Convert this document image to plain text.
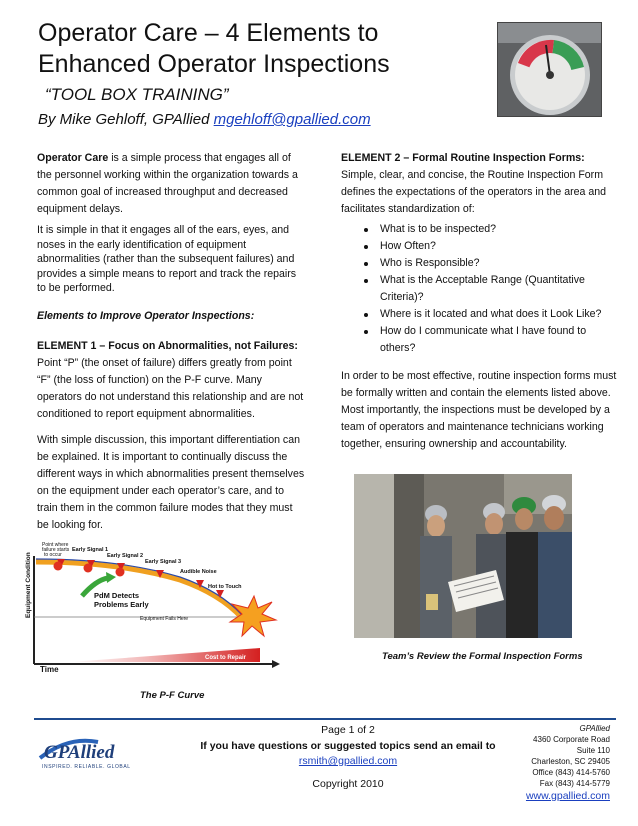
Operator Care – 4 Elements to
Enhanced Operator Inspections
“TOOL BOX TRAINING”
By Mike Gehloff, GPAllied mgehloff@gpallied.com

Operator Care is a simple process that engages all of the personnel working within the organization towards a common goal of increased throughput and decreased equipment delays.

It is simple in that it engages all of the ears, eyes, and noses in the early identification of equipment abnormalities (rather than the subsequent failures) and provides a simple means to report and track the repairs to be performed.
Elements to Improve Operator Inspections:

ELEMENT 1 – Focus on Abnormalities, not Failures:

Point “P” (the onset of failure) differs greatly from point

“F” (the loss of function) on the P-F curve. Many operators do not understand this relationship and are not conditioned to report equipment abnormalities.

With simple discussion, this important differentiation can be explained. It is important to continually discuss the different ways in which abnormalities present themselves on the equipment under each operator’s care, and to train them in the common failure modes that they must be looking for.
Point where
failure starts
to occur
Early Signal 1
Early Signal 2
Early Signal 3
Audible Noise
Hot to Touch
PdM Detects
Problems Early
Equipment Fails Here
Cost to Repair
Time
Equipment Condition
The P-F Curve

ELEMENT 2 – Formal Routine Inspection Forms: Simple, clear, and concise, the Routine Inspection Form defines the expectations of the operators in the area and facilitates standardization of:

What is to be inspected?
How Often?
Who is Responsible?
What is the Acceptable Range (Quantitative
Criteria)?
Where is it located and what does it Look Like?
How do I communicate what I have found to
others?
In order to be most effective, routine inspection forms must be formally written and contain the elements listed above. Most importantly, the inspections must be developed by a team of operators and maintenance technicians working together, ensuring ownership and accountability.
Team’s Review the Formal Inspection Forms
GPAllied
INSPIRED. RELIABLE. GLOBAL
Page 1 of 2
If you have questions or suggested topics send an email to
rsmith@gpallied.com
Copyright 2010
GPAllied
4360 Corporate Road
Suite 110
Charleston, SC 29405
Office (843) 414-5760
Fax (843) 414-5779
www.gpallied.com
